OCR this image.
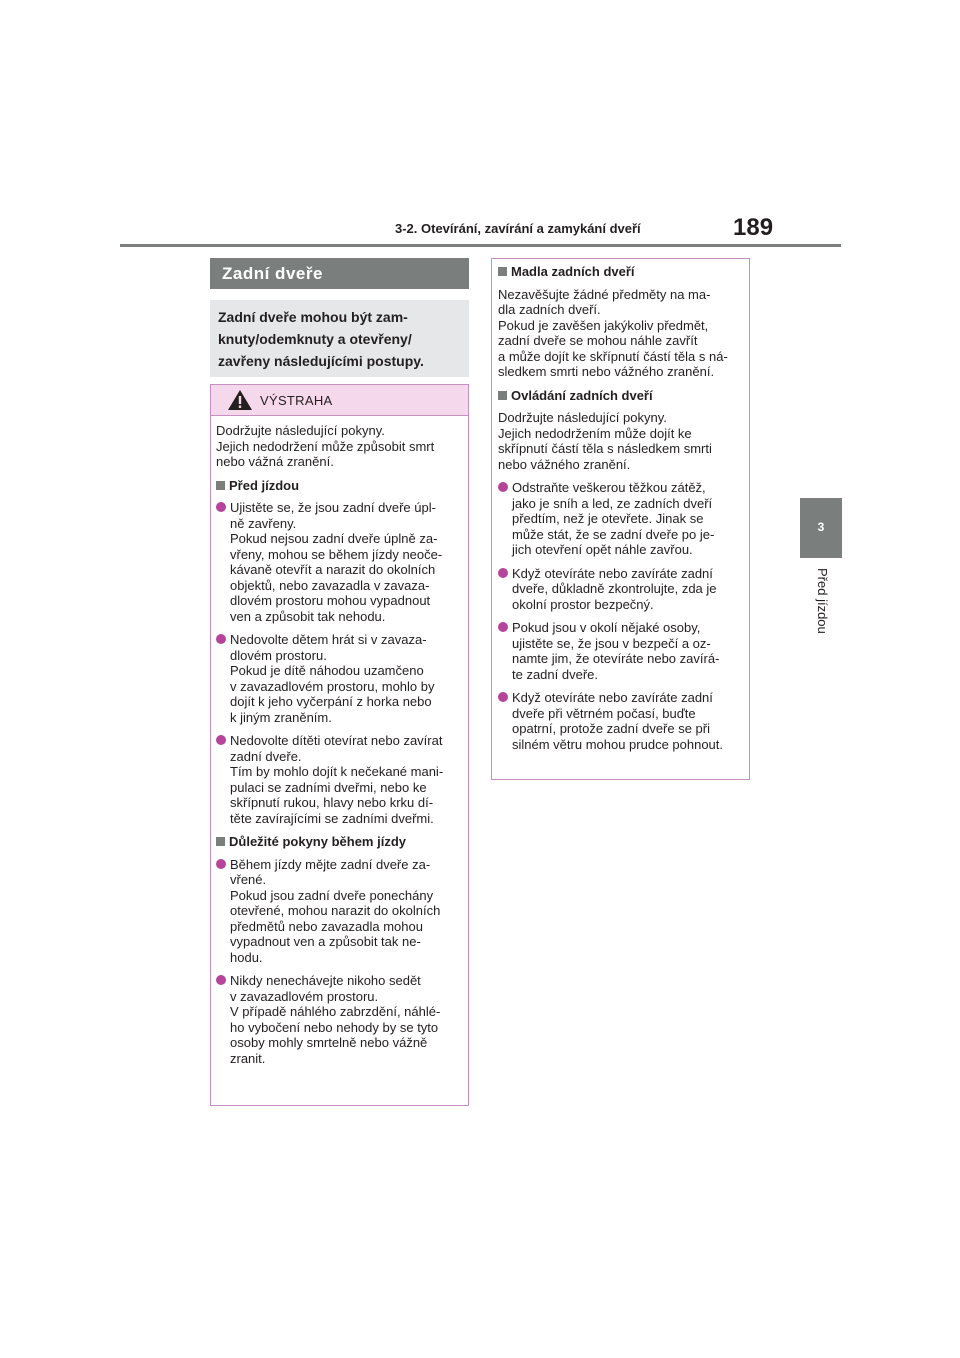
3-2. Otevírání, zavírání a zamykání dveří	189
3
Před jízdou
Zadní dveře
Zadní dveře mohou být zam-
knuty/odemknuty a otevřeny/
zavřeny následujícími postupy.
VÝSTRAHA
Dodržujte následující pokyny.
Jejich nedodržení může způsobit smrt
nebo vážná zranění.
Před jízdou
Ujistěte se, že jsou zadní dveře úpl-
ně zavřeny.
Pokud nejsou zadní dveře úplně za-
vřeny, mohou se během jízdy neoče-
kávaně otevřít a narazit do okolních
objektů, nebo zavazadla v zavaza-
dlovém prostoru mohou vypadnout
ven a způsobit tak nehodu.
Nedovolte dětem hrát si v zavaza-
dlovém prostoru.
Pokud je dítě náhodou uzamčeno
v zavazadlovém prostoru, mohlo by
dojít k jeho vyčerpání z horka nebo
k jiným zraněním.
Nedovolte dítěti otevírat nebo zavírat
zadní dveře.
Tím by mohlo dojít k nečekané mani-
pulaci se zadními dveřmi, nebo ke
skřípnutí rukou, hlavy nebo krku dí-
těte zavírajícími se zadními dveřmi.
Důležité pokyny během jízdy
Během jízdy mějte zadní dveře za-
vřené.
Pokud jsou zadní dveře ponechány
otevřené, mohou narazit do okolních
předmětů nebo zavazadla mohou
vypadnout ven a způsobit tak ne-
hodu.
Nikdy nenechávejte nikoho sedět
v zavazadlovém prostoru.
V případě náhlého zabrzdění, náhlé-
ho vybočení nebo nehody by se tyto
osoby mohly smrtelně nebo vážně
zranit.
Madla zadních dveří
Nezavěšujte žádné předměty na ma-
dla zadních dveří.
Pokud je zavěšen jakýkoliv předmět,
zadní dveře se mohou náhle zavřít
a může dojít ke skřípnutí částí těla s ná-
sledkem smrti nebo vážného zranění.
Ovládání zadních dveří
Dodržujte následující pokyny.
Jejich nedodržením může dojít ke
skřípnutí částí těla s následkem smrti
nebo vážného zranění.
Odstraňte veškerou těžkou zátěž,
jako je sníh a led, ze zadních dveří
předtím, než je otevřete. Jinak se
může stát, že se zadní dveře po je-
jich otevření opět náhle zavřou.
Když otevíráte nebo zavíráte zadní
dveře, důkladně zkontrolujte, zda je
okolní prostor bezpečný.
Pokud jsou v okolí nějaké osoby,
ujistěte se, že jsou v bezpečí a oz-
namte jim, že otevíráte nebo zavírá-
te zadní dveře.
Když otevíráte nebo zavíráte zadní
dveře při větrném počasí, buďte
opatrní, protože zadní dveře se při
silném větru mohou prudce pohnout.
